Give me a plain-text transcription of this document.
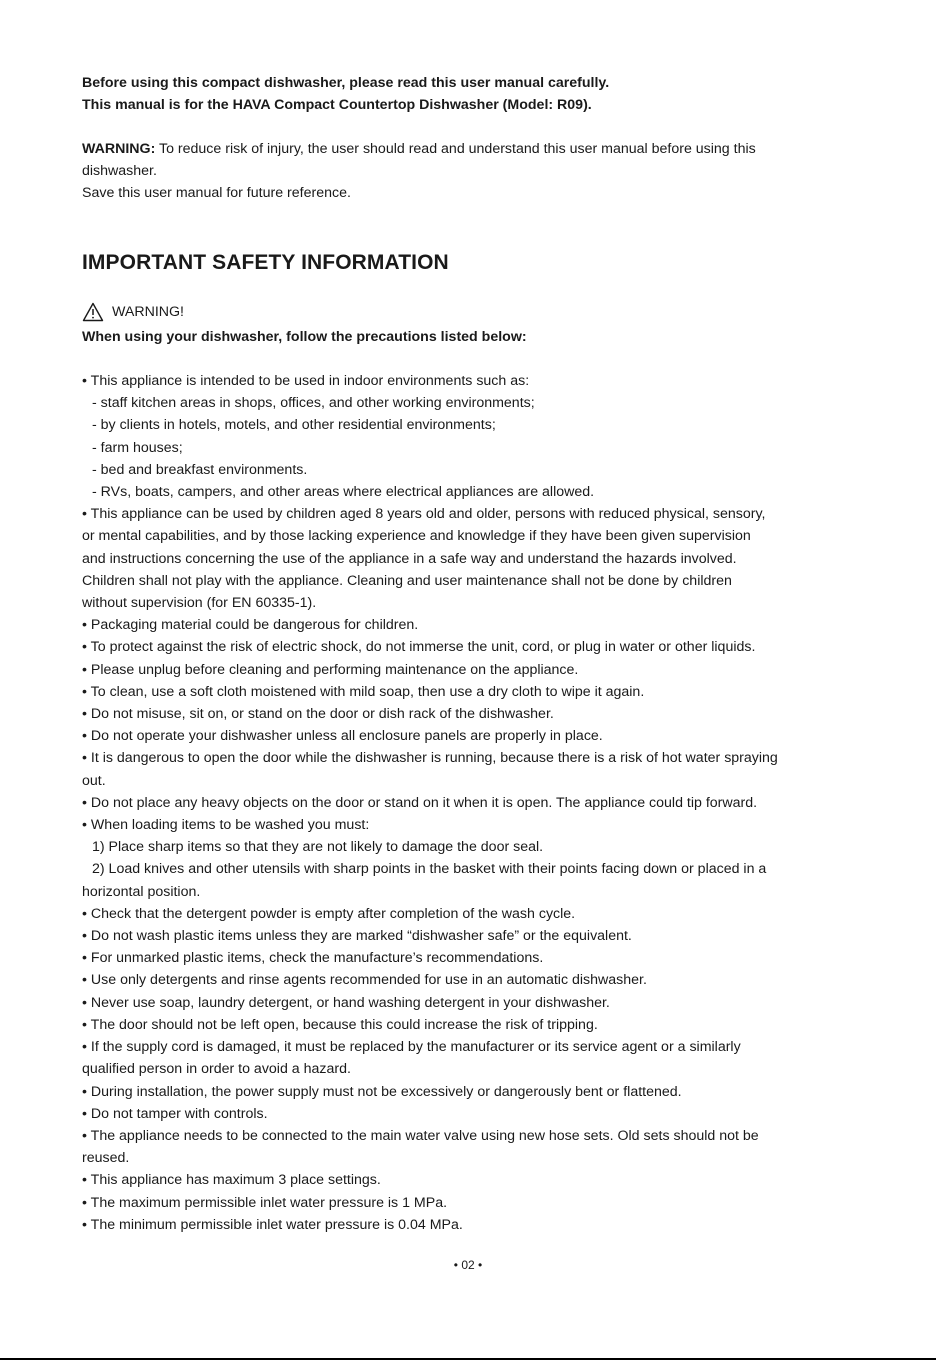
Before using this compact dishwasher, please read this user manual carefully.
This manual is for the HAVA Compact Countertop Dishwasher (Model: R09).
WARNING: To reduce risk of injury, the user should read and understand this user manual before using this
dishwasher.
Save this user manual for future reference.
IMPORTANT SAFETY INFORMATION
WARNING!
When using your dishwasher, follow the precautions listed below:
• This appliance is intended to be used in indoor environments such as:
- staff kitchen areas in shops, offices, and other working environments;
- by clients in hotels, motels, and other residential environments;
- farm houses;
- bed and breakfast environments.
- RVs, boats, campers, and other areas where electrical appliances are allowed.
• This appliance can be used by children aged 8 years old and older, persons with reduced physical, sensory,
or mental capabilities, and by those lacking experience and knowledge if they have been given supervision
and instructions concerning the use of the appliance in a safe way and understand the hazards involved.
Children shall not play with the appliance. Cleaning and user maintenance shall not be done by children
without supervision (for EN 60335-1).
• Packaging material could be dangerous for children.
• To protect against the risk of electric shock, do not immerse the unit, cord, or plug in water or other liquids.
• Please unplug before cleaning and performing maintenance on the appliance.
• To clean, use a soft cloth moistened with mild soap, then use a dry cloth to wipe it again.
• Do not misuse, sit on, or stand on the door or dish rack of the dishwasher.
• Do not operate your dishwasher unless all enclosure panels are properly in place.
• It is dangerous to open the door while the dishwasher is running, because there is a risk of hot water spraying
out.
• Do not place any heavy objects on the door or stand on it when it is open. The appliance could tip forward.
• When loading items to be washed you must:
1) Place sharp items so that they are not likely to damage the door seal.
2) Load knives and other utensils with sharp points in the basket with their points facing down or placed in a
horizontal position.
• Check that the detergent powder is empty after completion of the wash cycle.
• Do not wash plastic items unless they are marked “dishwasher safe” or the equivalent.
• For unmarked plastic items, check the manufacture’s recommendations.
• Use only detergents and rinse agents recommended for use in an automatic dishwasher.
• Never use soap, laundry detergent, or hand washing detergent in your dishwasher.
• The door should not be left open, because this could increase the risk of tripping.
• If the supply cord is damaged, it must be replaced by the manufacturer or its service agent or a similarly
qualified person in order to avoid a hazard.
• During installation, the power supply must not be excessively or dangerously bent or flattened.
• Do not tamper with controls.
• The appliance needs to be connected to the main water valve using new hose sets. Old sets should not be
reused.
• This appliance has maximum 3 place settings.
• The maximum permissible inlet water pressure is 1 MPa.
• The minimum permissible inlet water pressure is 0.04 MPa.
• 02 •
